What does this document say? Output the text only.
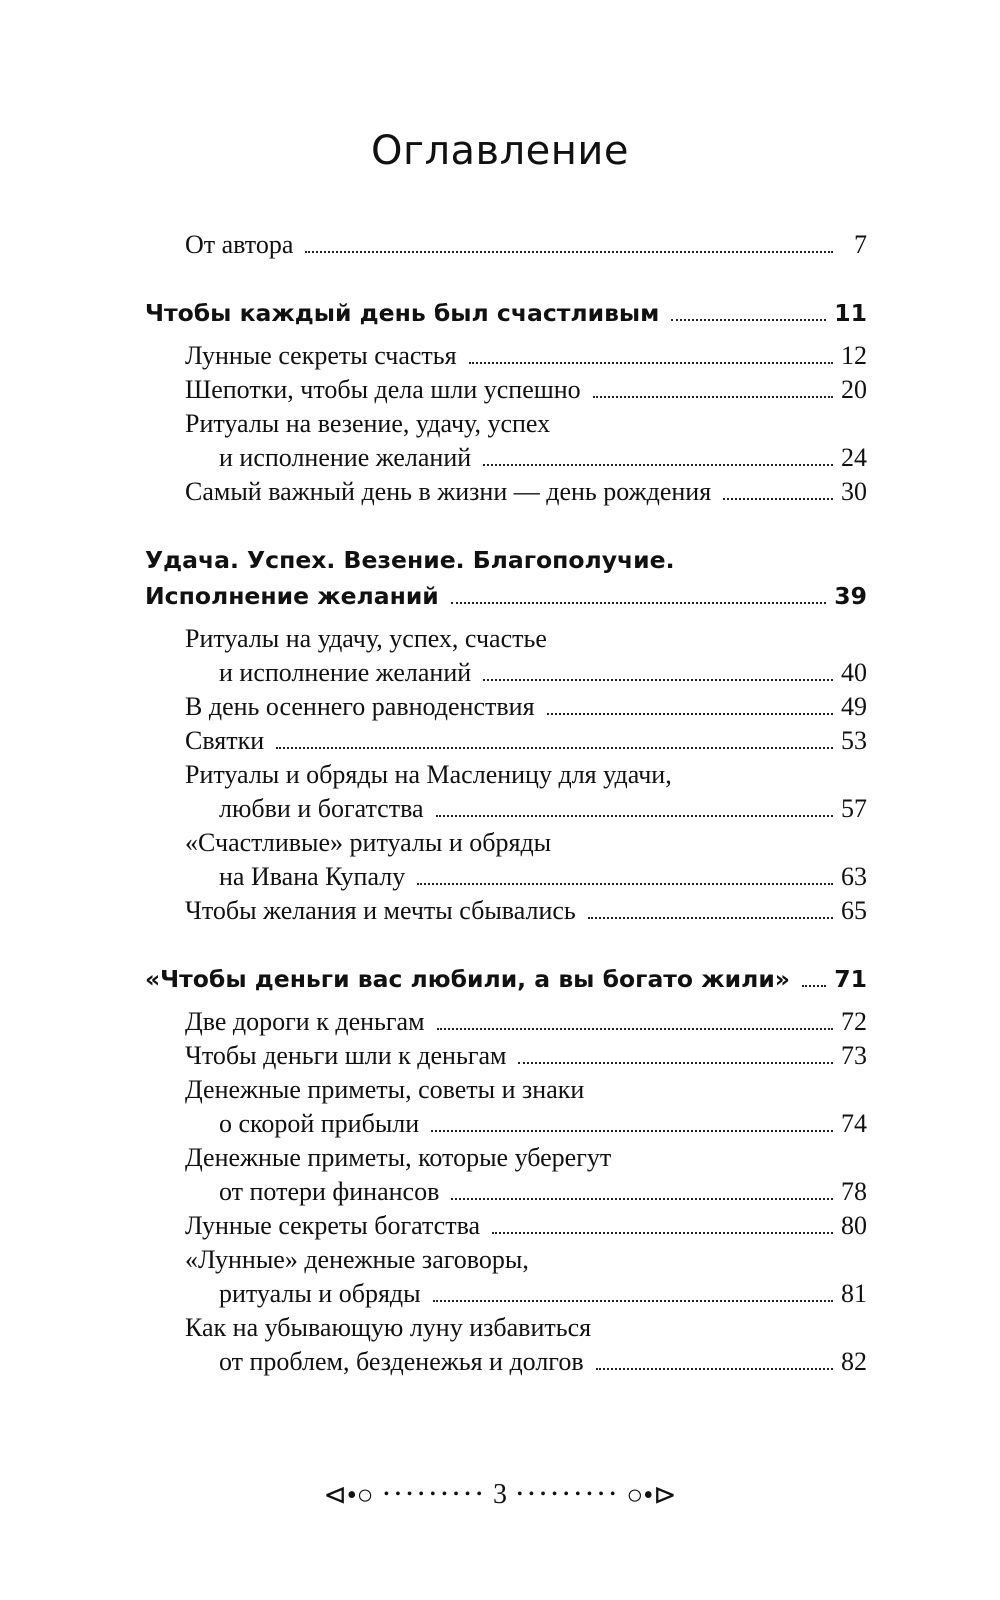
Оглавление
От автора	7
Чтобы каждый день был счастливым	11
Лунные секреты счастья	12
Шепотки, чтобы дела шли успешно	20
Ритуалы на везение, удачу, успех
и исполнение желаний	24
Самый важный день в жизни — день рождения	30
Удача. Успех. Везение. Благополучие.
Исполнение желаний	39
Ритуалы на удачу, успех, счастье
и исполнение желаний	40
В день осеннего равноденствия	49
Святки	53
Ритуалы и обряды на Масленицу для удачи,
любви и богатства	57
«Счастливые» ритуалы и обряды
на Ивана Купалу	63
Чтобы желания и мечты сбывались	65
«Чтобы деньги вас любили, а вы богато жили» 71
Две дороги к деньгам	72
Чтобы деньги шли к деньгам	73
Денежные приметы, советы и знаки
о скорой прибыли	74
Денежные приметы, которые уберегут
от потери финансов	78
Лунные секреты богатства	80
«Лунные» денежные заговоры,
ритуалы и обряды	81
Как на убывающую луну избавиться
от проблем, безденежья и долгов	82
⊲•○ • • • • • • • • • 3 • • • • • • • • • ○•⊳
